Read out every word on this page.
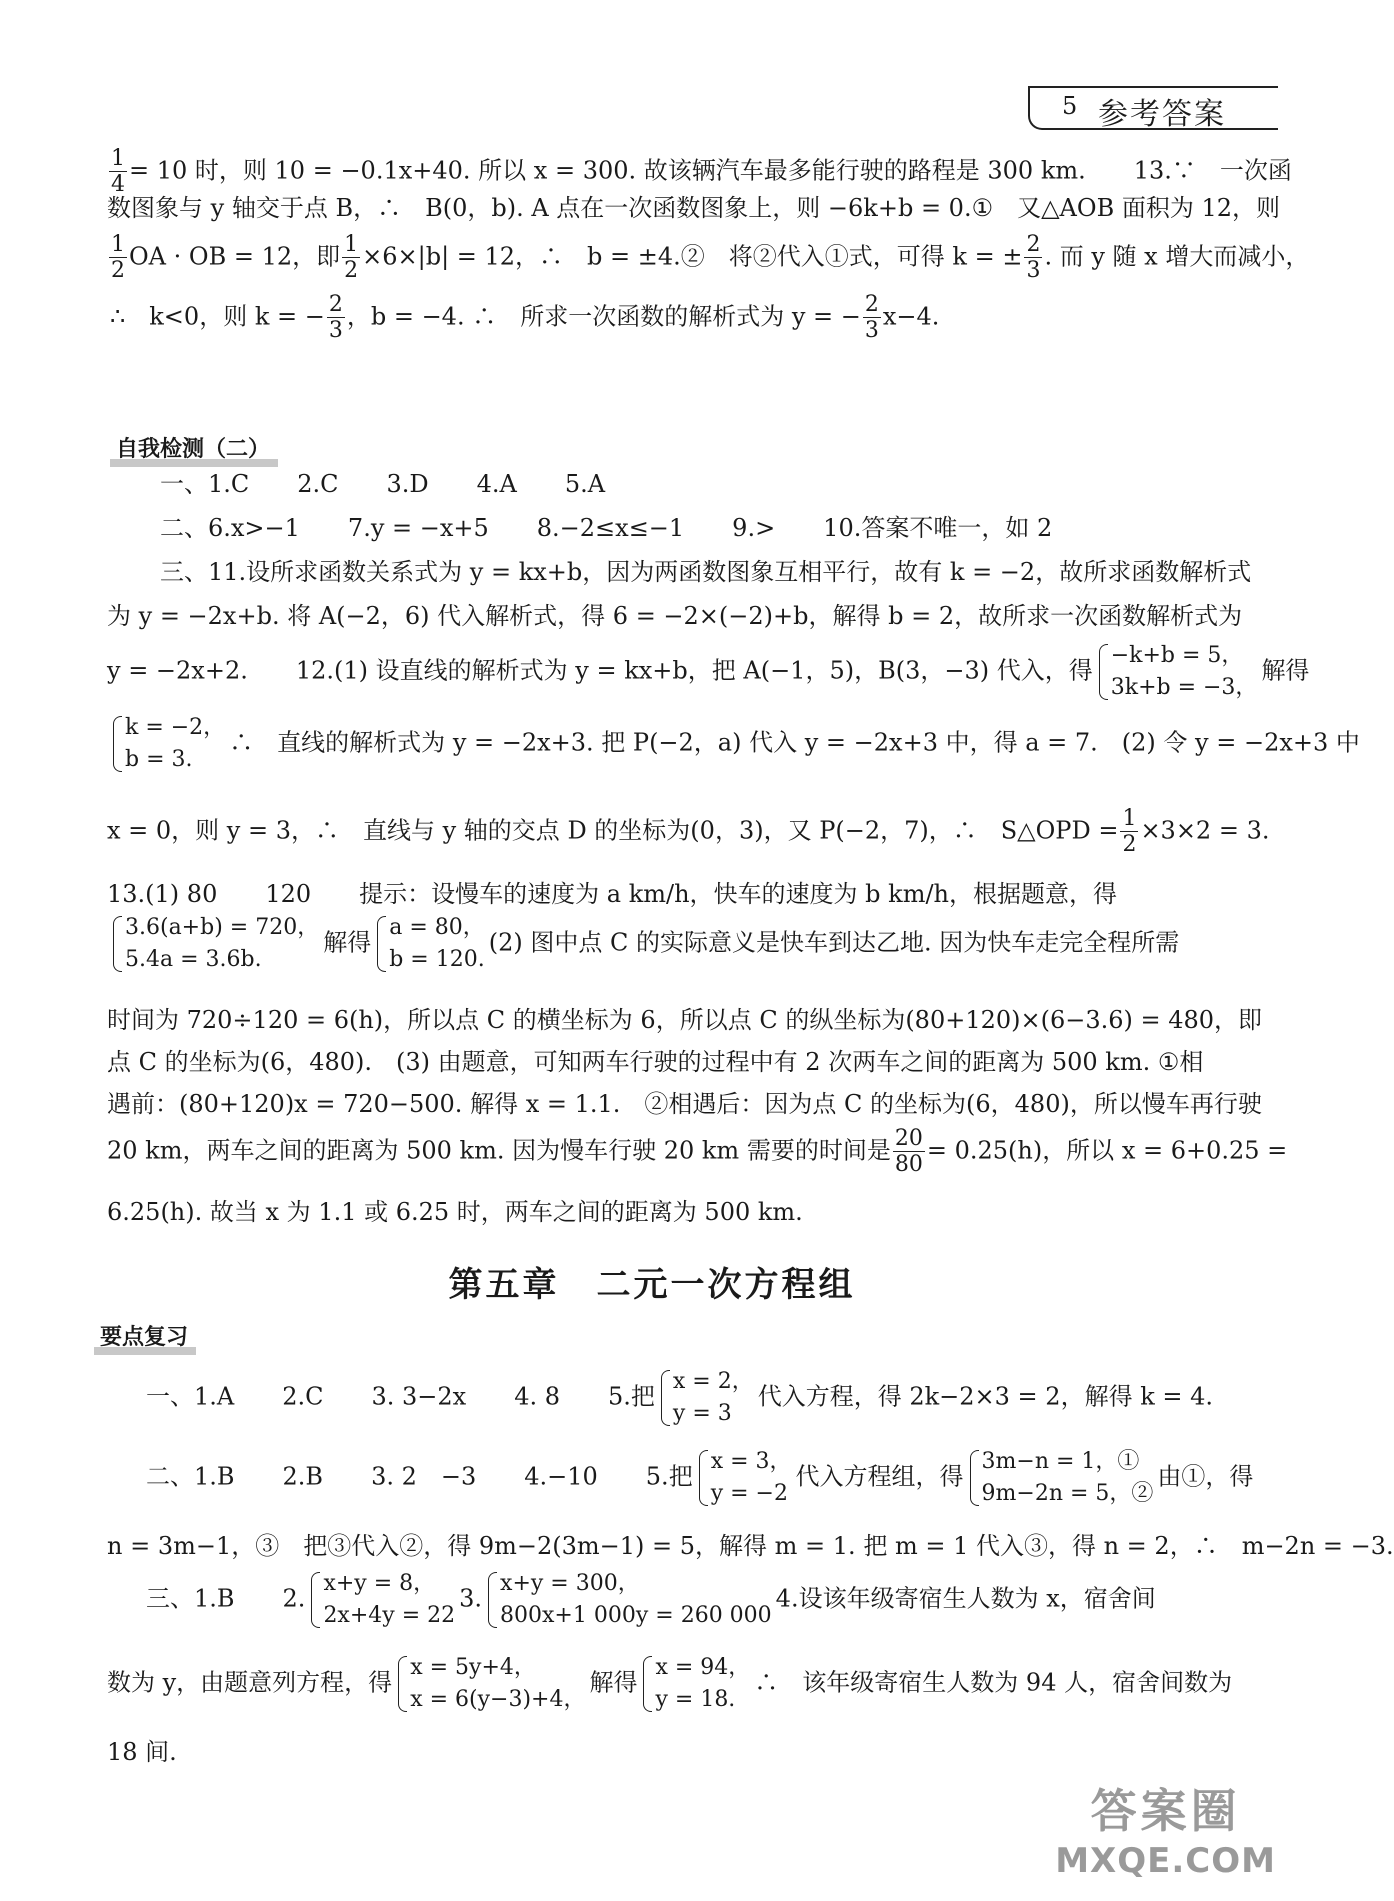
5 参考答案
$\frac{1}{4} = 10$ 时，则 10 = −0.1x+40. 所以 x = 300. 故该辆汽车最多能行驶的路程是 300 km.　　13.∵　一次函
数图象与 y 轴交于点 B，∴　B(0，b). A 点在一次函数图象上，则 −6k+b = 0.①　又△AOB 面积为 12，则
$\frac{1}{2}$ OA · OB = 12，即 $\frac{1}{2} \times 6\times|b| = 12$，∴　b = ±4.②　将②代入①式，可得 k = ± $\frac{2}{3}$ . 而 y 随 x 增大而减小，
∴　k<0，则 k = − $\frac{2}{3}$ ，b = −4. ∴　所求一次函数的解析式为 y = − $\frac{2}{3} x-4$.
自我检测（二）
一、1.C　　2.C　　3.D　　4.A　　5.A
二、6.x>−1　　7.y = −x+5　　8.−2≤x≤−1　　9.>　　10.答案不唯一，如 2
三、11.设所求函数关系式为 y = kx+b，因为两函数图象互相平行，故有 k = −2，故所求函数解析式
为 y = −2x+b. 将 A(−2，6) 代入解析式，得 6 = −2×(−2)+b，解得 b = 2，故所求一次函数解析式为
y = −2x+2.　　12.(1) 设直线的解析式为 y = kx+b，把 A(−1，5)，B(3，−3) 代入，得
−k+b = 5，
3k+b = −3，
解得
k = −2，
b = 3.
∴　直线的解析式为 y = −2x+3. 把 P(−2，a) 代入 y = −2x+3 中，得 a = 7.　(2) 令 y = −2x+3 中
x = 0，则 y = 3，∴　直线与 y 轴的交点 D 的坐标为(0，3)，又 P(−2，7)，∴　S△OPD = $\frac{1}{2} \times 3\times 2 = 3$.
13.(1) 80　　120　　提示：设慢车的速度为 a km/h，快车的速度为 b km/h，根据题意，得
3.6(a+b) = 720，
5.4a = 3.6b.
解得
a = 80，
b = 120.
(2) 图中点 C 的实际意义是快车到达乙地. 因为快车走完全程所需
时间为 720÷120 = 6(h)，所以点 C 的横坐标为 6，所以点 C 的纵坐标为(80+120)×(6−3.6) = 480，即
点 C 的坐标为(6，480).　(3) 由题意，可知两车行驶的过程中有 2 次两车之间的距离为 500 km. ①相
遇前：(80+120)x = 720−500. 解得 x = 1.1.　②相遇后：因为点 C 的坐标为(6，480)，所以慢车再行驶
20 km，两车之间的距离为 500 km. 因为慢车行驶 20 km 需要的时间是 $\frac{20}{80} = 0.25(h)$，所以 x = 6+0.25 =
6.25(h). 故当 x 为 1.1 或 6.25 时，两车之间的距离为 500 km.
第五章　二元一次方程组
要点复习
一、1.A　　2.C　　3. 3−2x　　4. 8　　5.把
x = 2，
y = 3
代入方程，得 2k−2×3 = 2，解得 k = 4.
二、1.B　　2.B　　3. 2　−3　　4.−10　　5.把
x = 3，
y = −2
代入方程组，得
3m−n = 1，①
9m−2n = 5，②
由①，得
n = 3m−1，③　把③代入②，得 9m−2(3m−1) = 5，解得 m = 1. 把 m = 1 代入③，得 n = 2，∴　m−2n = −3.
三、1.B　　2.
x+y = 8，
2x+4y = 22
3.
x+y = 300，
800x+1 000y = 260 000
4.设该年级寄宿生人数为 x，宿舍间
数为 y，由题意列方程，得
x = 5y+4，
x = 6(y−3)+4，
解得
x = 94，
y = 18.
∴　该年级寄宿生人数为 94 人，宿舍间数为
18 间.
答案圈
MXQE.COM
